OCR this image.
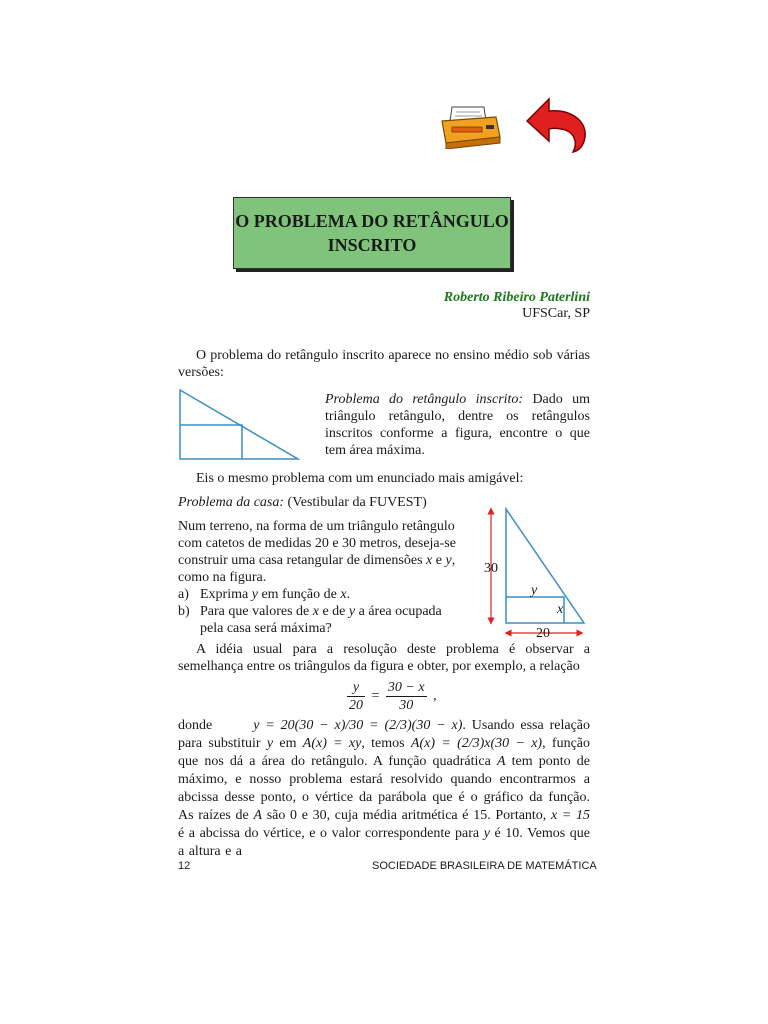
O PROBLEMA DO RETÂNGULO
INSCRITO
Roberto Ribeiro Paterlini
UFSCar, SP
O problema do retângulo inscrito aparece no ensino médio sob várias versões:
Problema do retângulo inscrito: Dado um triângulo retângulo, dentre os retângulos inscritos conforme a figura, encontre o que tem área máxima.
Eis o mesmo problema com um enunciado mais amigável:
Problema da casa: (Vestibular da FUVEST)
Num terreno, na forma de um triângulo retângulo com catetos de medidas 20 e 30 metros, deseja-se construir uma casa retangular de dimensões x e y, como na figura.
a) Exprima y em função de x.
b) Para que valores de x e de y a área ocupada pela casa será máxima?
30
20
y
x
A idéia usual para a resolução deste problema é observar a semelhança entre os triângulos da figura e obter, por exemplo, a relação
$\frac{y}{20} = \frac{30 - x}{30}$ ,
donde	y = 20(30 − x)/30 = (2/3)(30 − x). Usando essa relação para substituir y em A(x) = xy, temos A(x) = (2/3)x(30 − x), função que nos dá a área do retângulo. A função quadrática A tem ponto de máximo, e nosso problema estará resolvido quando encontrarmos a abcissa desse ponto, o vértice da parábola que é o gráfico da função. As raízes de A são 0 e 30, cuja média aritmética é 15. Portanto, x = 15 é a abcissa do vértice, e o valor correspondente para y é 10. Vemos que a altura e a
12	SOCIEDADE BRASILEIRA DE MATEMÁTICA
